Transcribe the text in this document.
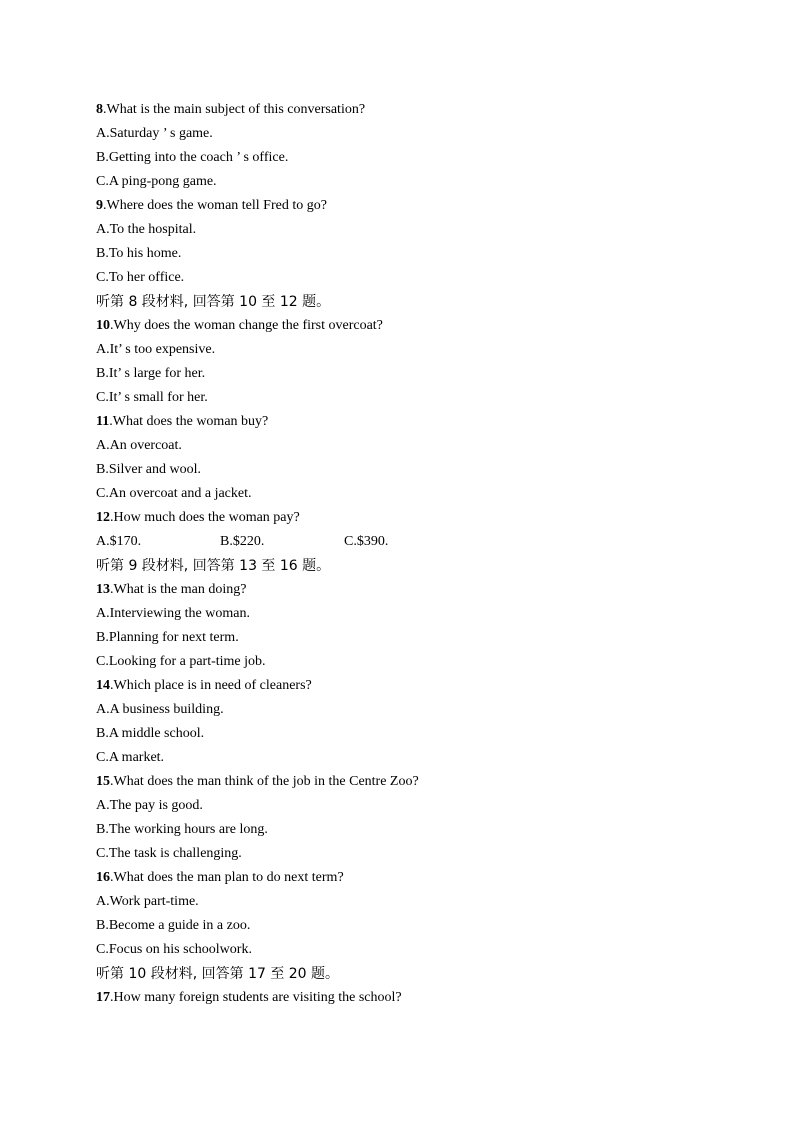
8.What is the main subject of this conversation?
A.Saturday ’ s game.
B.Getting into the coach ’ s office.
C.A ping-pong game.
9.Where does the woman tell Fred to go?
A.To the hospital.
B.To his home.
C.To her office.
听第 8 段材料, 回答第 10 至 12 题。
10.Why does the woman change the first overcoat?
A.It’ s too expensive.
B.It’ s large for her.
C.It’ s small for her.
11.What does the woman buy?
A.An overcoat.
B.Silver and wool.
C.An overcoat and a jacket.
12.How much does the woman pay?
A.$170.	B.$220.	C.$390.
听第 9 段材料, 回答第 13 至 16 题。
13.What is the man doing?
A.Interviewing the woman.
B.Planning for next term.
C.Looking for a part-time job.
14.Which place is in need of cleaners?
A.A business building.
B.A middle school.
C.A market.
15.What does the man think of the job in the Centre Zoo?
A.The pay is good.
B.The working hours are long.
C.The task is challenging.
16.What does the man plan to do next term?
A.Work part-time.
B.Become a guide in a zoo.
C.Focus on his schoolwork.
听第 10 段材料, 回答第 17 至 20 题。
17.How many foreign students are visiting the school?
